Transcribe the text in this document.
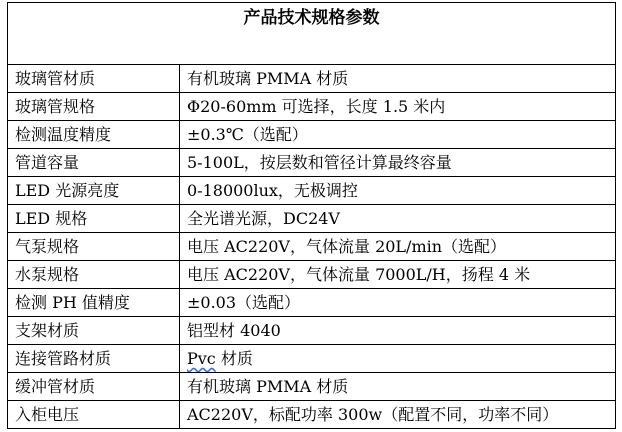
产品技术规格参数	
玻璃管材质	有机玻璃 PMMA 材质
玻璃管规格	Φ20-60mm 可选择，长度 1.5 米内
检测温度精度	±0.3℃（选配）
管道容量	5-100L，按层数和管径计算最终容量
LED 光源亮度	0-18000lux，无极调控
LED 规格	全光谱光源，DC24V
气泵规格	电压 AC220V，气体流量 20L/min（选配）
水泵规格	电压 AC220V，气体流量 7000L/H，扬程 4 米
检测 PH 值精度	±0.03（选配）
支架材质	铝型材 4040
连接管路材质	Pvc 材质
缓冲管材质	有机玻璃 PMMA 材质
入柜电压	AC220V，标配功率 300w（配置不同，功率不同）
